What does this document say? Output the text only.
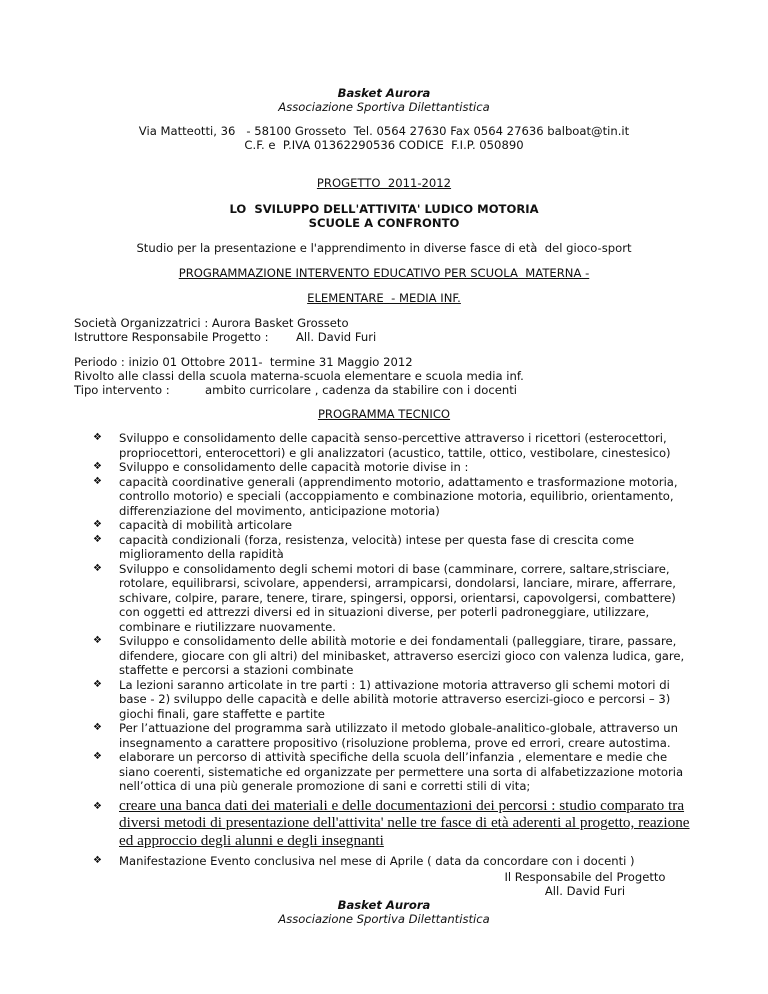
Basket Aurora
Associazione Sportiva Dilettantistica
Via Matteotti, 36   - 58100 Grosseto  Tel. 0564 27630 Fax 0564 27636 balboat@tin.it
C.F. e  P.IVA 01362290536 CODICE  F.I.P. 050890
PROGETTO  2011-2012
LO  SVILUPPO DELL'ATTIVITA' LUDICO MOTORIA
SCUOLE A CONFRONTO
Studio per la presentazione e l'apprendimento in diverse fasce di età  del gioco-sport
PROGRAMMAZIONE INTERVENTO EDUCATIVO PER SCUOLA  MATERNA -
ELEMENTARE  - MEDIA INF.
Società Organizzatrici : Aurora Basket Grosseto
Istruttore Responsabile Progetto : All. David Furi
Periodo : inizio 01 Ottobre 2011-  termine 31 Maggio 2012
Rivolto alle classi della scuola materna-scuola elementare e scuola media inf.
Tipo intervento :	ambito curricolare , cadenza da stabilire con i docenti
PROGRAMMA TECNICO
❖ Sviluppo e consolidamento delle capacità senso-percettive attraverso i ricettori (esterocettori, propriocettori, enterocettori) e gli analizzatori (acustico, tattile, ottico, vestibolare, cinestesico)
❖ Sviluppo e consolidamento delle capacità motorie divise in :
❖ capacità coordinative generali (apprendimento motorio, adattamento e trasformazione motoria, controllo motorio) e speciali (accoppiamento e combinazione motoria, equilibrio, orientamento, differenziazione del movimento, anticipazione motoria)
❖ capacità di mobilità articolare
❖ capacità condizionali (forza, resistenza, velocità) intese per questa fase di crescita come miglioramento della rapidità
❖ Sviluppo e consolidamento degli schemi motori di base (camminare, correre, saltare,strisciare, rotolare, equilibrarsi, scivolare, appendersi, arrampicarsi, dondolarsi, lanciare, mirare, afferrare, schivare, colpire, parare, tenere, tirare, spingersi, opporsi, orientarsi, capovolgersi, combattere) con oggetti ed attrezzi diversi ed in situazioni diverse, per poterli padroneggiare, utilizzare, combinare e riutilizzare nuovamente.
❖ Sviluppo e consolidamento delle abilità motorie e dei fondamentali (palleggiare, tirare, passare, difendere, giocare con gli altri) del minibasket, attraverso esercizi gioco con valenza ludica, gare, staffette e percorsi a stazioni combinate
❖ La lezioni saranno articolate in tre parti : 1) attivazione motoria attraverso gli schemi motori di base - 2) sviluppo delle capacità e delle abilità motorie attraverso esercizi-gioco e percorsi – 3) giochi finali, gare staffette e partite
❖ Per l’attuazione del programma sarà utilizzato il metodo globale-analitico-globale, attraverso un insegnamento a carattere propositivo (risoluzione problema, prove ed errori, creare autostima.
❖ elaborare un percorso di attività specifiche della scuola dell’infanzia , elementare e medie che siano coerenti, sistematiche ed organizzate per permettere una sorta di alfabetizzazione motoria nell’ottica di una più generale promozione di sani e corretti stili di vita;
❖ creare una banca dati dei materiali e delle documentazioni dei percorsi : studio comparato tra diversi metodi di presentazione dell'attivita' nelle tre fasce di età aderenti al progetto, reazione ed approccio degli alunni e degli insegnanti
❖ Manifestazione Evento conclusiva nel mese di Aprile ( data da concordare con i docenti )
Il Responsabile del Progetto
All. David Furi
Basket Aurora
Associazione Sportiva Dilettantistica
